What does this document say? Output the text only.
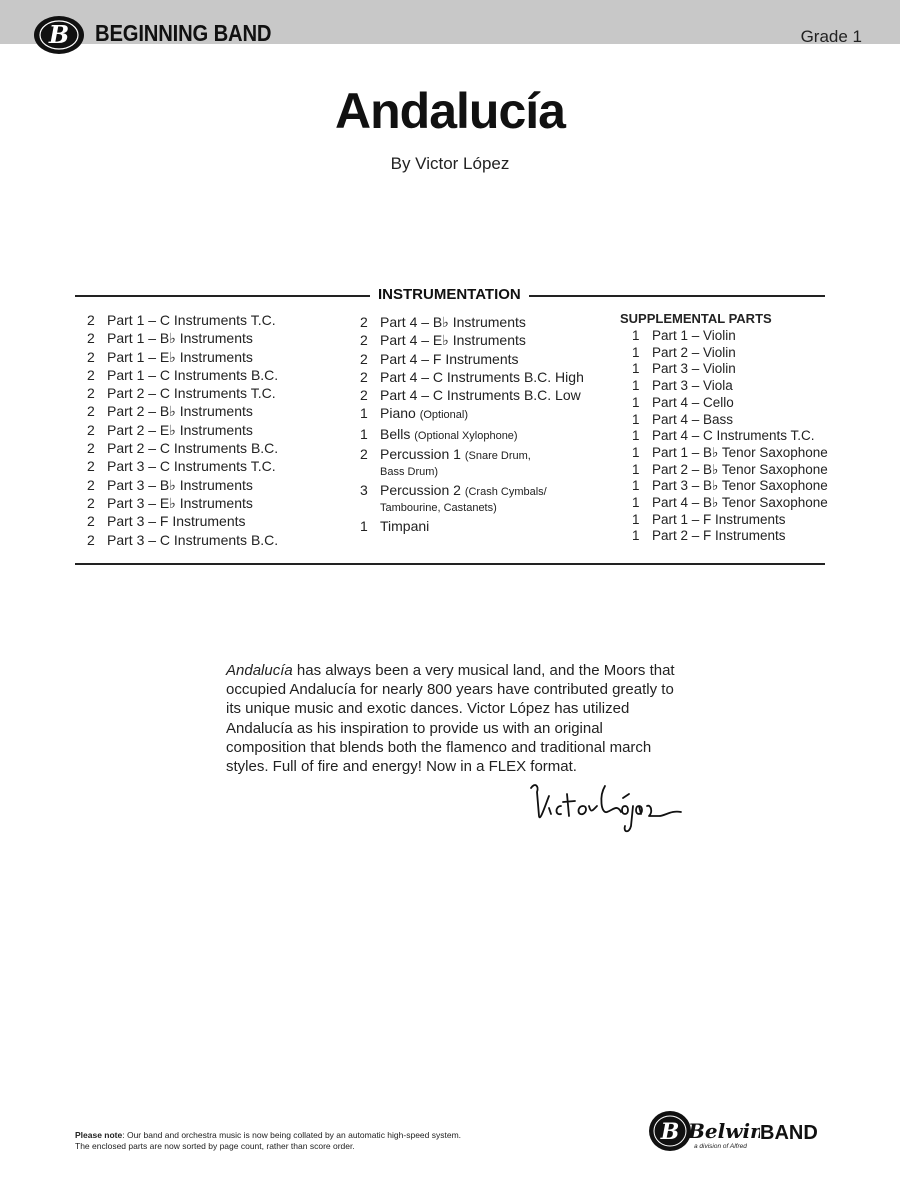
B BEGINNING BAND	Grade 1
Andalucía
By Victor López
INSTRUMENTATION
2 Part 1 – C Instruments T.C.
2 Part 1 – B♭ Instruments
2 Part 1 – E♭ Instruments
2 Part 1 – C Instruments B.C.
2 Part 2 – C Instruments T.C.
2 Part 2 – B♭ Instruments
2 Part 2 – E♭ Instruments
2 Part 2 – C Instruments B.C.
2 Part 3 – C Instruments T.C.
2 Part 3 – B♭ Instruments
2 Part 3 – E♭ Instruments
2 Part 3 – F Instruments
2 Part 3 – C Instruments B.C.
2 Part 4 – B♭ Instruments
2 Part 4 – E♭ Instruments
2 Part 4 – F Instruments
2 Part 4 – C Instruments B.C. High
2 Part 4 – C Instruments B.C. Low
1 Piano (Optional)
1 Bells (Optional Xylophone)
2 Percussion 1 (Snare Drum,
Bass Drum)
3 Percussion 2 (Crash Cymbals/
Tambourine, Castanets)
1 Timpani
SUPPLEMENTAL PARTS
1 Part 1 – Violin
1 Part 2 – Violin
1 Part 3 – Violin
1 Part 3 – Viola
1 Part 4 – Cello
1 Part 4 – Bass
1 Part 4 – C Instruments T.C.
1 Part 1 – B♭ Tenor Saxophone
1 Part 2 – B♭ Tenor Saxophone
1 Part 3 – B♭ Tenor Saxophone
1 Part 4 – B♭ Tenor Saxophone
1 Part 1 – F Instruments
1 Part 2 – F Instruments
Andalucía has always been a very musical land, and the Moors that occupied Andalucía for nearly 800 years have contributed greatly to its unique music and exotic dances. Victor López has utilized Andalucía as his inspiration to provide us with an original composition that blends both the flamenco and traditional march styles. Full of fire and energy! Now in a FLEX format.
Please note: Our band and orchestra music is now being collated by an automatic high-speed system.
The enclosed parts are now sorted by page count, rather than score order.
B Belwin
BAND
a division of Alfred
